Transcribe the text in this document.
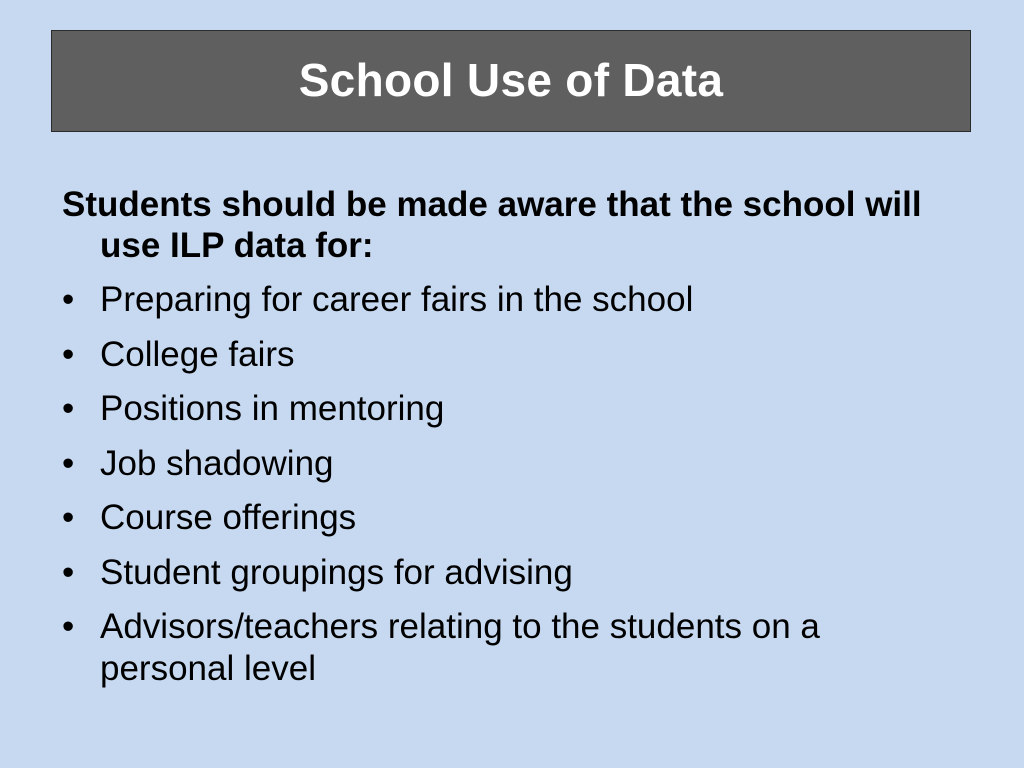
School Use of Data

Students should be made aware that the school will use ILP data for:

• Preparing for career fairs in the school
• College fairs
• Positions in mentoring
• Job shadowing
• Course offerings
• Student groupings for advising
• Advisors/teachers relating to the students on a personal level
